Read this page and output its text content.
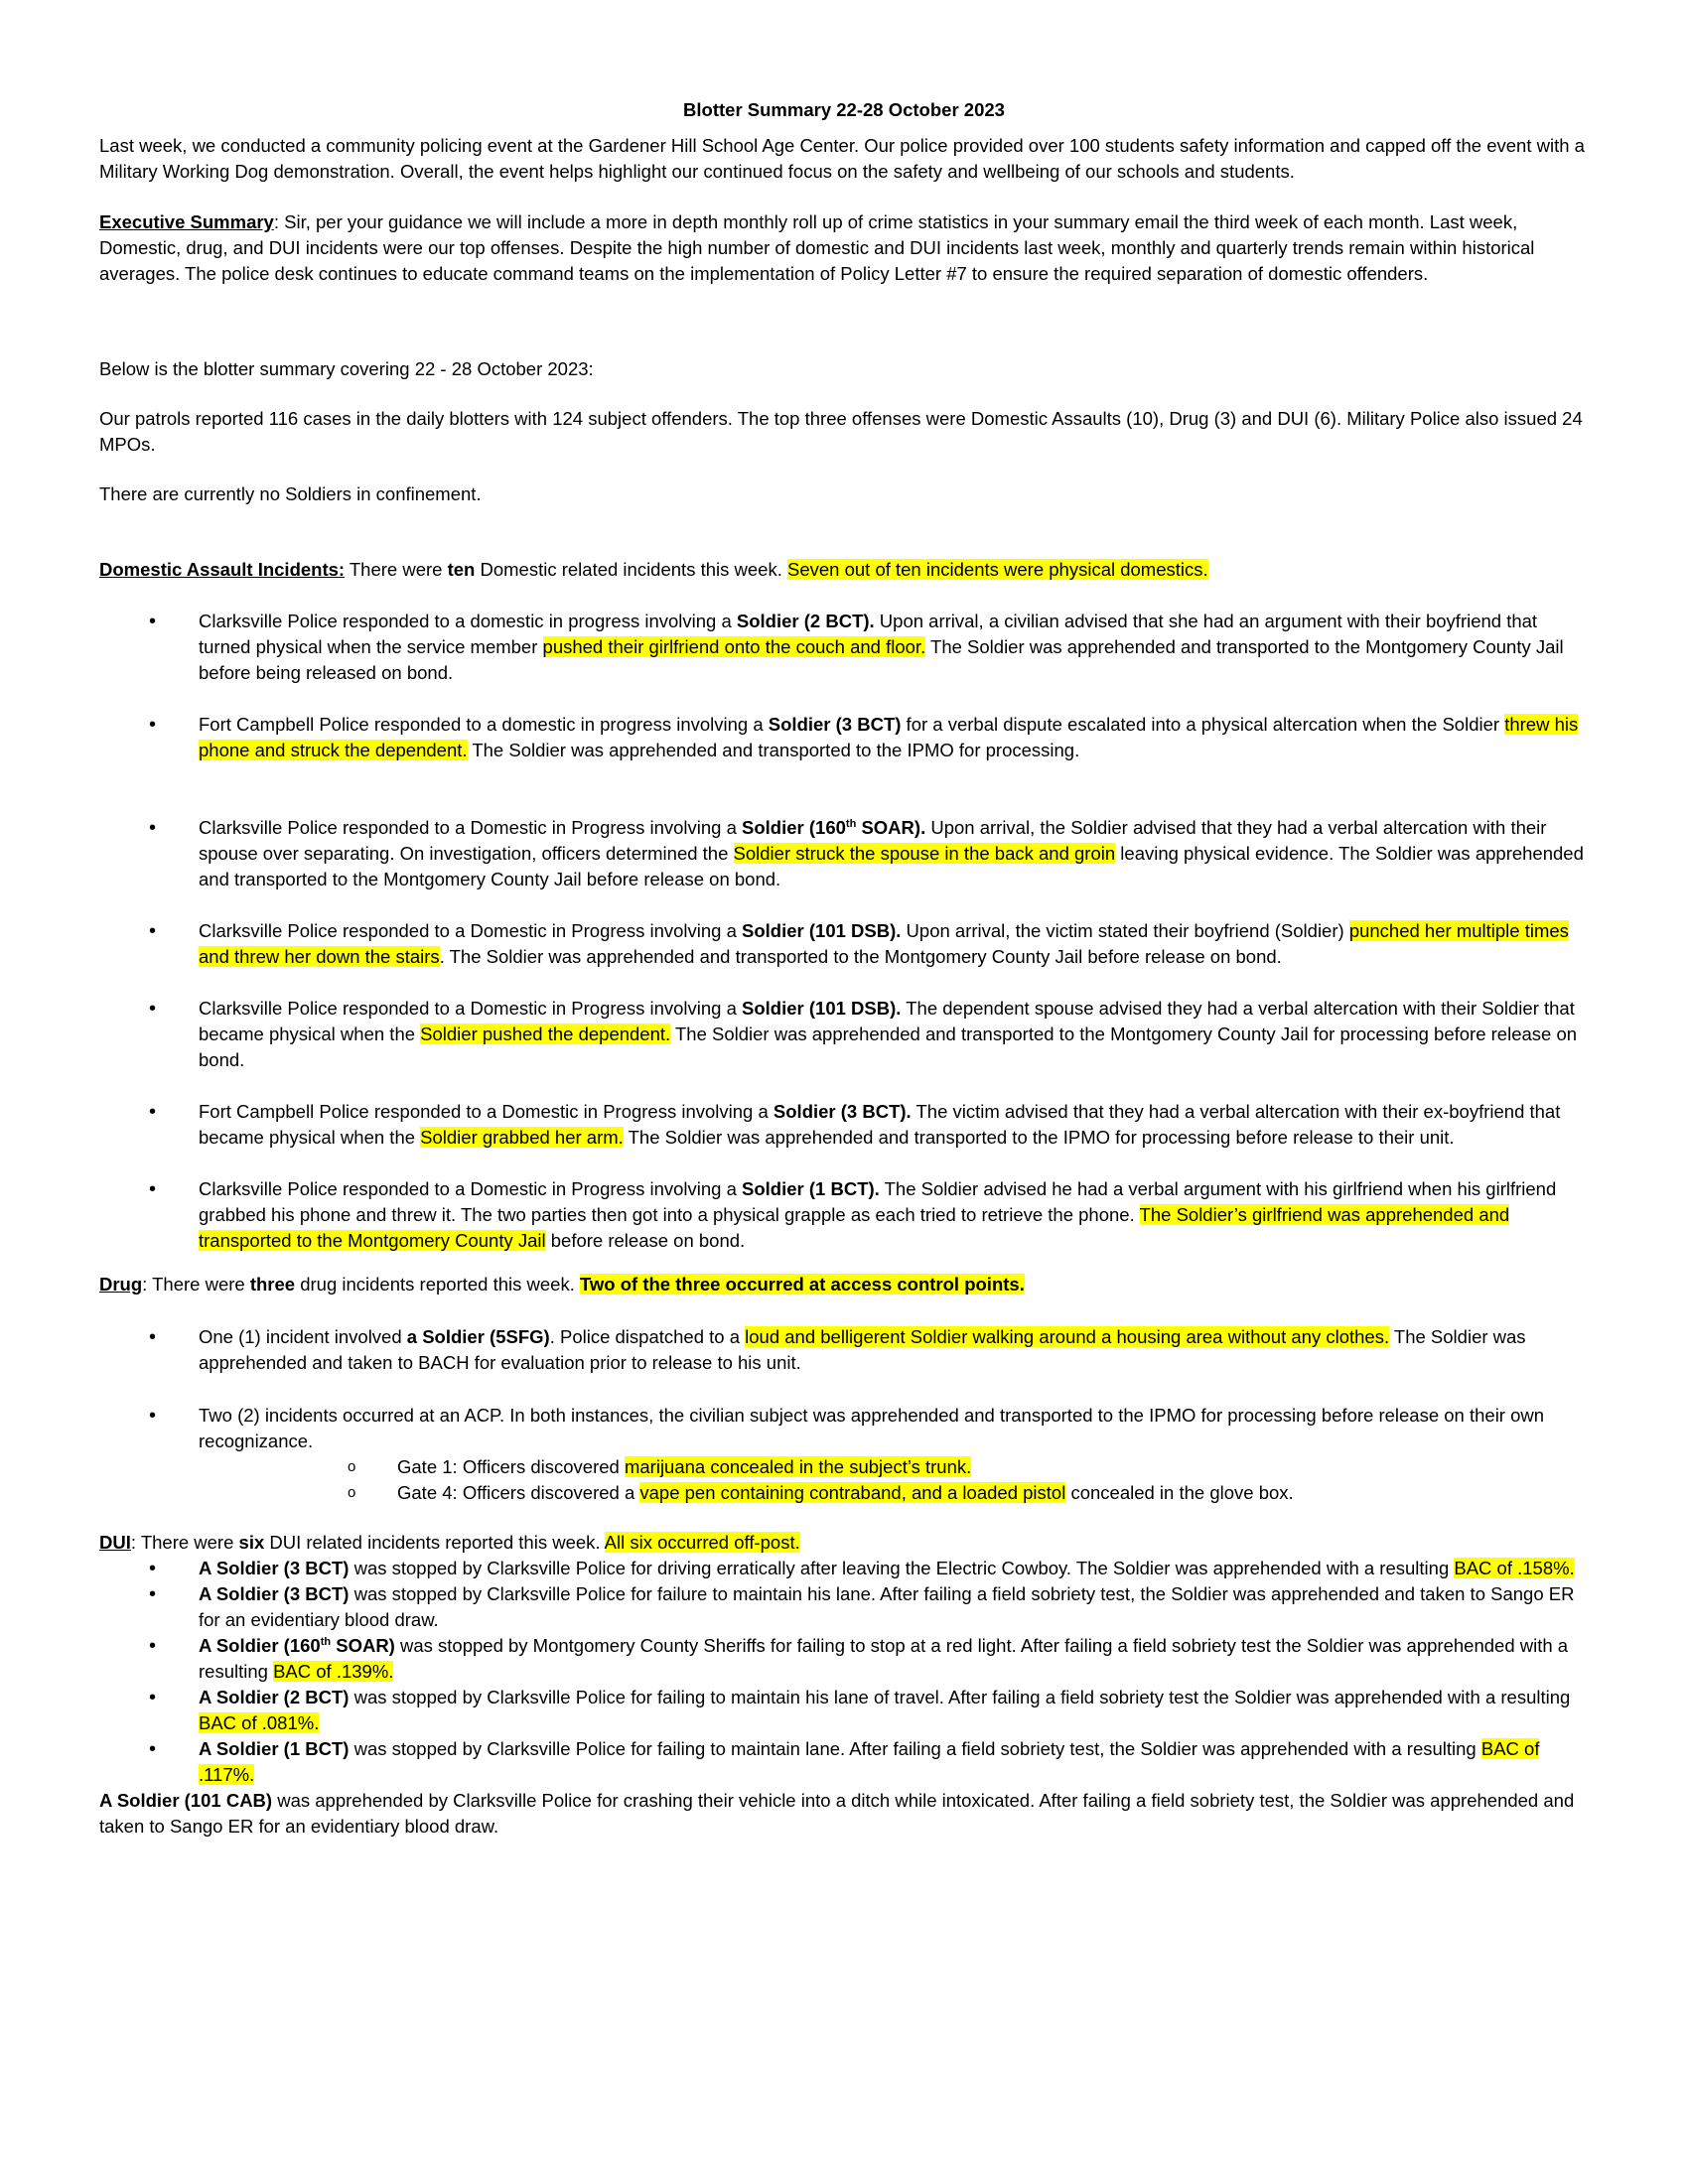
Blotter Summary 22-28 October 2023

Last week, we conducted a community policing event at the Gardener Hill School Age Center. Our police provided over 100 students safety information and capped off the event with a Military Working Dog demonstration. Overall, the event helps highlight our continued focus on the safety and wellbeing of our schools and students.

Executive Summary: Sir, per your guidance we will include a more in depth monthly roll up of crime statistics in your summary email the third week of each month. Last week, Domestic, drug, and DUI incidents were our top offenses. Despite the high number of domestic and DUI incidents last week, monthly and quarterly trends remain within historical averages. The police desk continues to educate command teams on the implementation of Policy Letter #7 to ensure the required separation of domestic offenders.

Below is the blotter summary covering 22 - 28 October 2023:

Our patrols reported 116 cases in the daily blotters with 124 subject offenders. The top three offenses were Domestic Assaults (10), Drug (3) and DUI (6). Military Police also issued 24 MPOs.

There are currently no Soldiers in confinement.

Domestic Assault Incidents: There were ten Domestic related incidents this week. Seven out of ten incidents were physical domestics.

• Clarksville Police responded to a domestic in progress involving a Soldier (2 BCT). Upon arrival, a civilian advised that she had an argument with their boyfriend that turned physical when the service member pushed their girlfriend onto the couch and floor. The Soldier was apprehended and transported to the Montgomery County Jail before being released on bond.
• Fort Campbell Police responded to a domestic in progress involving a Soldier (3 BCT) for a verbal dispute escalated into a physical altercation when the Soldier threw his phone and struck the dependent. The Soldier was apprehended and transported to the IPMO for processing.
• Clarksville Police responded to a Domestic in Progress involving a Soldier (160th SOAR). Upon arrival, the Soldier advised that they had a verbal altercation with their spouse over separating. On investigation, officers determined the Soldier struck the spouse in the back and groin leaving physical evidence. The Soldier was apprehended and transported to the Montgomery County Jail before release on bond.
• Clarksville Police responded to a Domestic in Progress involving a Soldier (101 DSB). Upon arrival, the victim stated their boyfriend (Soldier) punched her multiple times and threw her down the stairs. The Soldier was apprehended and transported to the Montgomery County Jail before release on bond.
• Clarksville Police responded to a Domestic in Progress involving a Soldier (101 DSB). The dependent spouse advised they had a verbal altercation with their Soldier that became physical when the Soldier pushed the dependent. The Soldier was apprehended and transported to the Montgomery County Jail for processing before release on bond.
• Fort Campbell Police responded to a Domestic in Progress involving a Soldier (3 BCT). The victim advised that they had a verbal altercation with their ex-boyfriend that became physical when the Soldier grabbed her arm. The Soldier was apprehended and transported to the IPMO for processing before release to their unit.
• Clarksville Police responded to a Domestic in Progress involving a Soldier (1 BCT). The Soldier advised he had a verbal argument with his girlfriend when his girlfriend grabbed his phone and threw it. The two parties then got into a physical grapple as each tried to retrieve the phone. The Soldier’s girlfriend was apprehended and transported to the Montgomery County Jail before release on bond.

Drug: There were three drug incidents reported this week. Two of the three occurred at access control points.

• One (1) incident involved a Soldier (5SFG). Police dispatched to a loud and belligerent Soldier walking around a housing area without any clothes. The Soldier was apprehended and taken to BACH for evaluation prior to release to his unit.
• Two (2) incidents occurred at an ACP. In both instances, the civilian subject was apprehended and transported to the IPMO for processing before release on their own recognizance.
o Gate 1: Officers discovered marijuana concealed in the subject’s trunk.
o Gate 4: Officers discovered a vape pen containing contraband, and a loaded pistol concealed in the glove box.

DUI: There were six DUI related incidents reported this week. All six occurred off-post.

• A Soldier (3 BCT) was stopped by Clarksville Police for driving erratically after leaving the Electric Cowboy. The Soldier was apprehended with a resulting BAC of .158%.
• A Soldier (3 BCT) was stopped by Clarksville Police for failure to maintain his lane. After failing a field sobriety test, the Soldier was apprehended and taken to Sango ER for an evidentiary blood draw.
• A Soldier (160th SOAR) was stopped by Montgomery County Sheriffs for failing to stop at a red light. After failing a field sobriety test the Soldier was apprehended with a resulting BAC of .139%.
• A Soldier (2 BCT) was stopped by Clarksville Police for failing to maintain his lane of travel. After failing a field sobriety test the Soldier was apprehended with a resulting BAC of .081%.
• A Soldier (1 BCT) was stopped by Clarksville Police for failing to maintain lane. After failing a field sobriety test, the Soldier was apprehended with a resulting BAC of .117%.

A Soldier (101 CAB) was apprehended by Clarksville Police for crashing their vehicle into a ditch while intoxicated. After failing a field sobriety test, the Soldier was apprehended and taken to Sango ER for an evidentiary blood draw.
